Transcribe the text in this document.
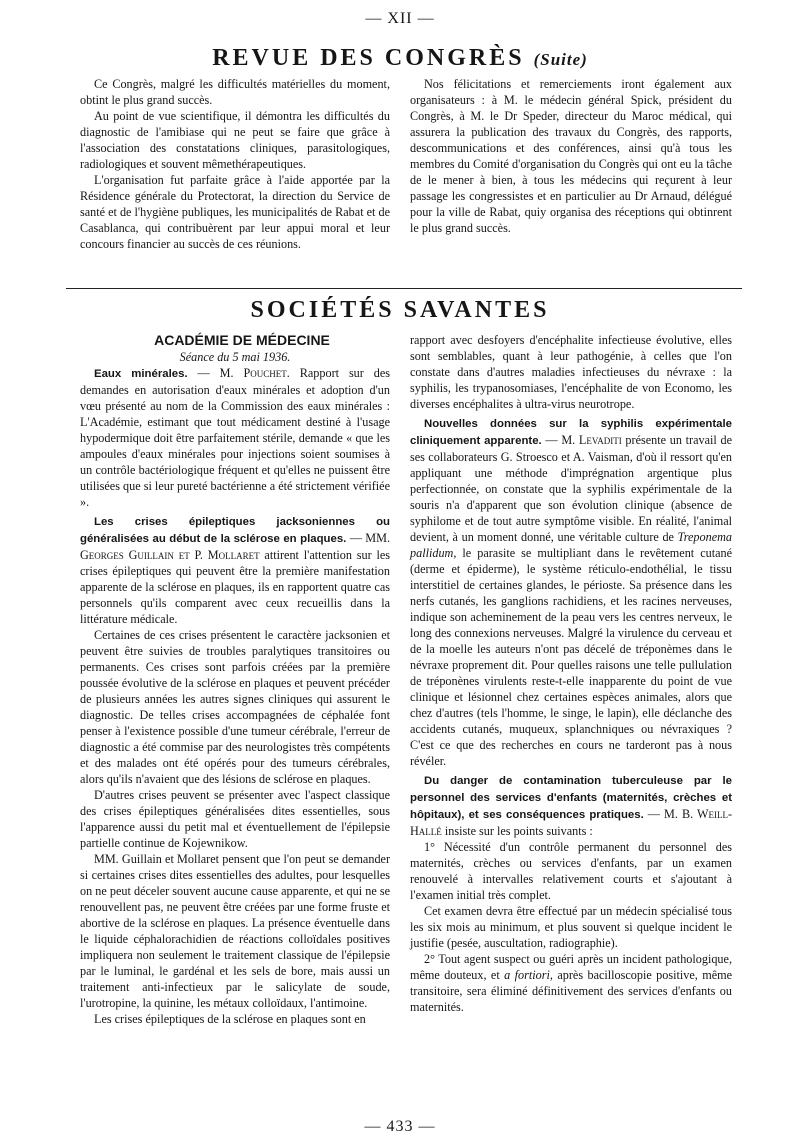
— XII —
REVUE DES CONGRÈS (Suite)

Ce Congrès, malgré les difficultés matérielles du moment, obtint le plus grand succès.

Au point de vue scientifique, il démontra les difficultés du diagnostic de l'amibiase qui ne peut se faire que grâce à l'association des constatations cliniques, parasitologiques, radiologiques et souvent mêmethérapeutiques.

L'organisation fut parfaite grâce à l'aide apportée par la Résidence générale du Protectorat, la direction du Service de santé et de l'hygiène publiques, les municipalités de Rabat et de Casablanca, qui contribuèrent par leur appui moral et leur concours financier au succès de ces réunions.

Nos félicitations et remerciements iront également aux organisateurs : à M. le médecin général Spick, président du Congrès, à M. le Dr Speder, directeur du Maroc médical, qui assurera la publication des travaux du Congrès, des rapports, descommunications et des conférences, ainsi qu'à tous les membres du Comité d'organisation du Congrès qui ont eu la tâche de le mener à bien, à tous les médecins qui reçurent à leur passage les congressistes et en particulier au Dr Arnaud, délégué pour la ville de Rabat, quiy organisa des réceptions qui obtinrent le plus grand succès.

SOCIÉTÉS SAVANTES

ACADÉMIE DE MÉDECINE

Séance du 5 mai 1936.

Eaux minérales. — M. Pouchet. Rapport sur des demandes en autorisation d'eaux minérales et adoption d'un vœu présenté au nom de la Commission des eaux minérales : L'Académie, estimant que tout médicament destiné à l'usage hypodermique doit être parfaitement stérile, demande « que les ampoules d'eaux minérales pour injections soient soumises à un contrôle bactériologique fréquent et qu'elles ne puissent être utilisées que si leur pureté bactérienne a été strictement vérifiée ».

Les crises épileptiques jacksoniennes ou généralisées au début de la sclérose en plaques. — MM. Georges Guillain et P. Mollaret attirent l'attention sur les crises épileptiques qui peuvent être la première manifestation apparente de la sclérose en plaques, ils en rapportent quatre cas personnels qu'ils comparent avec ceux recueillis dans la littérature médicale.

Certaines de ces crises présentent le caractère jacksonien et peuvent être suivies de troubles paralytiques transitoires ou permanents. Ces crises sont parfois créées par la première poussée évolutive de la sclérose en plaques et peuvent précéder de plusieurs années les autres signes cliniques qui assurent le diagnostic. De telles crises accompagnées de céphalée font penser à l'existence possible d'une tumeur cérébrale, l'erreur de diagnostic a été commise par des neurologistes très compétents et des malades ont été opérés pour des tumeurs cérébrales, alors qu'ils n'avaient que des lésions de sclérose en plaques.

D'autres crises peuvent se présenter avec l'aspect classique des crises épileptiques généralisées dites essentielles, sous l'apparence aussi du petit mal et éventuellement de l'épilepsie partielle continue de Kojewnikow.

MM. Guillain et Mollaret pensent que l'on peut se demander si certaines crises dites essentielles des adultes, pour lesquelles on ne peut déceler souvent aucune cause apparente, et qui ne se renouvellent pas, ne peuvent être créées par une forme fruste et abortive de la sclérose en plaques. La présence éventuelle dans le liquide céphalorachidien de réactions colloïdales positives impliquera non seulement le traitement classique de l'épilepsie par le luminal, le gardénal et les sels de bore, mais aussi un traitement anti-infectieux par le salicylate de soude, l'urotropine, la quinine, les métaux colloïdaux, l'antimoine.

Les crises épileptiques de la sclérose en plaques sont en

rapport avec desfoyers d'encéphalite infectieuse évolutive, elles sont semblables, quant à leur pathogénie, à celles que l'on constate dans d'autres maladies infectieuses du névraxe : la syphilis, les trypanosomiases, l'encéphalite de von Economo, les diverses encéphalites à ultra-virus neurotrope.

Nouvelles données sur la syphilis expérimentale cliniquement apparente. — M. Levaditi présente un travail de ses collaborateurs G. Stroesco et A. Vaisman, d'où il ressort qu'en appliquant une méthode d'imprégnation argentique plus perfectionnée, on constate que la syphilis expérimentale de la souris n'a d'apparent que son évolution clinique (absence de syphilome et de tout autre symptôme visible. En réalité, l'animal devient, à un moment donné, une véritable culture de Treponema pallidum, le parasite se multipliant dans le revêtement cutané (derme et épiderme), le système réticulo-endothélial, le tissu interstitiel de certaines glandes, le périoste. Sa présence dans les nerfs cutanés, les ganglions rachidiens, et les racines nerveuses, indique son acheminement de la peau vers les centres nerveux, le long des connexions nerveuses. Malgré la virulence du cerveau et de la moelle les auteurs n'ont pas décelé de tréponèmes dans le névraxe proprement dit. Pour quelles raisons une telle pullulation de tréponènes virulents reste-t-elle inapparente du point de vue clinique et lésionnel chez certaines espèces animales, alors que chez d'autres (tels l'homme, le singe, le lapin), elle déclanche des accidents cutanés, muqueux, splanchniques ou névraxiques ? C'est ce que des recherches en cours ne tarderont pas à nous révéler.

Du danger de contamination tuberculeuse par le personnel des services d'enfants (maternités, crèches et hôpitaux), et ses conséquences pratiques. — M. B. Weill-Hallé insiste sur les points suivants :

1° Nécessité d'un contrôle permanent du personnel des maternités, crèches ou services d'enfants, par un examen renouvelé à intervalles relativement courts et s'ajoutant à l'examen initial très complet.

Cet examen devra être effectué par un médecin spécialisé tous les six mois au minimum, et plus souvent si quelque incident le justifie (pesée, auscultation, radiographie).

2° Tout agent suspect ou guéri après un incident pathologique, même douteux, et a fortiori, après bacilloscopie positive, même transitoire, sera éliminé définitivement des services d'enfants ou maternités.

— 433 —
